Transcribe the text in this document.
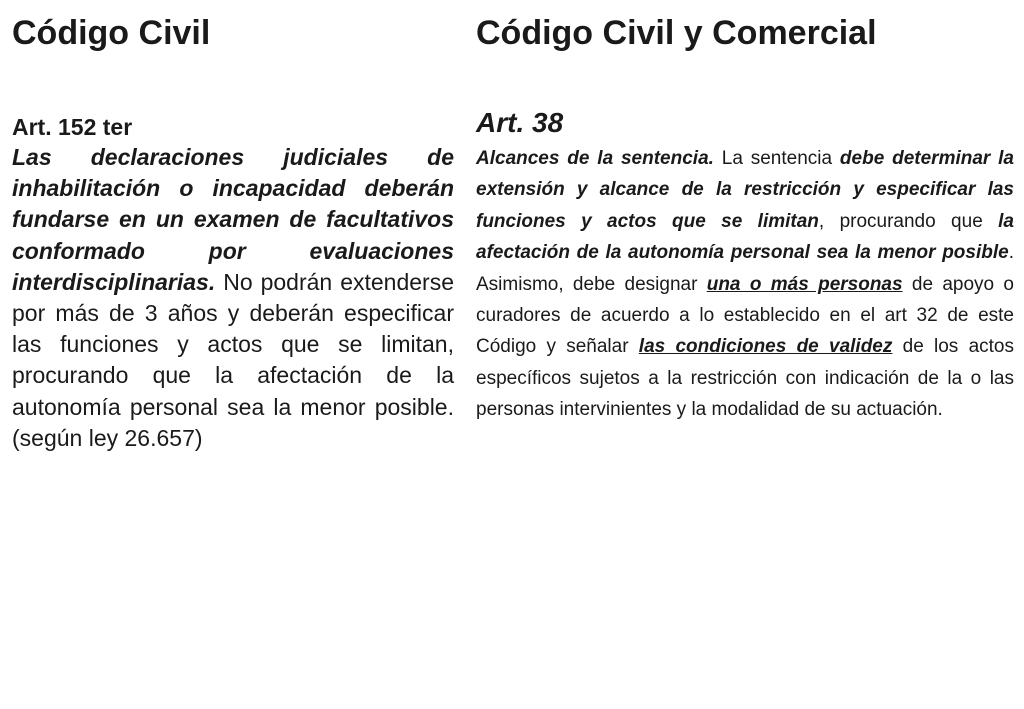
Código Civil
Art. 152 ter
Las declaraciones judiciales de inhabilitación o incapacidad deberán fundarse en un examen de facultativos conformado por evaluaciones interdisciplinarias. No podrán extenderse por más de 3 años y deberán especificar las funciones y actos que se limitan, procurando que la afectación de la autonomía personal sea la menor posible. (según ley 26.657)
Código Civil y Comercial
Art. 38
Alcances de la sentencia. La sentencia debe determinar la extensión y alcance de la restricción y especificar las funciones y actos que se limitan, procurando que la afectación de la autonomía personal sea la menor posible. Asimismo, debe designar una o más personas de apoyo o curadores de acuerdo a lo establecido en el art 32 de este Código y señalar las condiciones de validez de los actos específicos sujetos a la restricción con indicación de la o las personas intervinientes y la modalidad de su actuación.
